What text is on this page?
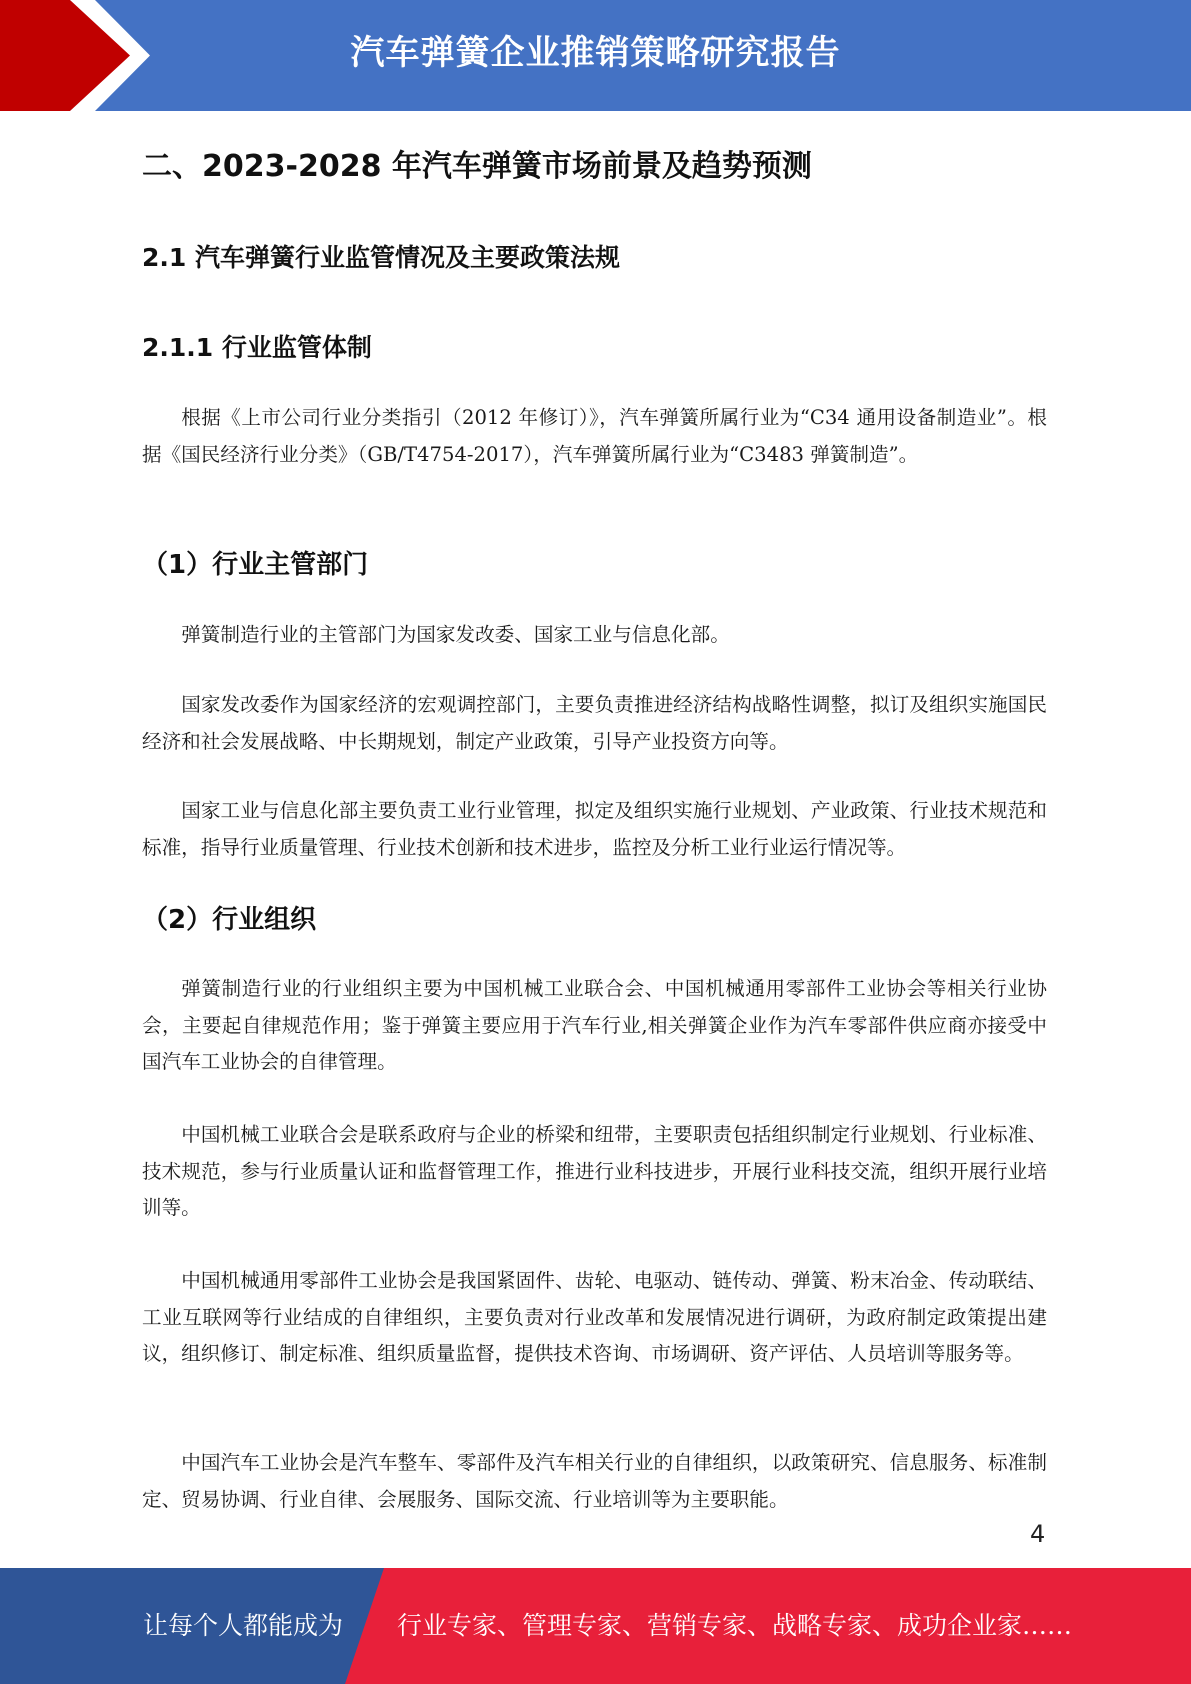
汽车弹簧企业推销策略研究报告
二、2023-2028 年汽车弹簧市场前景及趋势预测
2.1 汽车弹簧行业监管情况及主要政策法规
2.1.1 行业监管体制

根据《上市公司行业分类指引（2012 年修订）》，汽车弹簧所属行业为“C34 通用设备制造业”。根据《国民经济行业分类》（GB/T4754-2017），汽车弹簧所属行业为“C3483 弹簧制造”。

（1）行业主管部门

弹簧制造行业的主管部门为国家发改委、国家工业与信息化部。

国家发改委作为国家经济的宏观调控部门，主要负责推进经济结构战略性调整，拟订及组织实施国民经济和社会发展战略、中长期规划，制定产业政策，引导产业投资方向等。

国家工业与信息化部主要负责工业行业管理，拟定及组织实施行业规划、产业政策、行业技术规范和标准，指导行业质量管理、行业技术创新和技术进步，监控及分析工业行业运行情况等。

（2）行业组织

弹簧制造行业的行业组织主要为中国机械工业联合会、中国机械通用零部件工业协会等相关行业协会，主要起自律规范作用；鉴于弹簧主要应用于汽车行业,相关弹簧企业作为汽车零部件供应商亦接受中国汽车工业协会的自律管理。

中国机械工业联合会是联系政府与企业的桥梁和纽带，主要职责包括组织制定行业规划、行业标准、技术规范，参与行业质量认证和监督管理工作，推进行业科技进步，开展行业科技交流，组织开展行业培训等。

中国机械通用零部件工业协会是我国紧固件、齿轮、电驱动、链传动、弹簧、粉末冶金、传动联结、工业互联网等行业结成的自律组织，主要负责对行业改革和发展情况进行调研，为政府制定政策提出建议，组织修订、制定标准、组织质量监督，提供技术咨询、市场调研、资产评估、人员培训等服务等。

中国汽车工业协会是汽车整车、零部件及汽车相关行业的自律组织，以政策研究、信息服务、标准制定、贸易协调、行业自律、会展服务、国际交流、行业培训等为主要职能。

4
让每个人都能成为 行业专家、管理专家、营销专家、战略专家、成功企业家……
